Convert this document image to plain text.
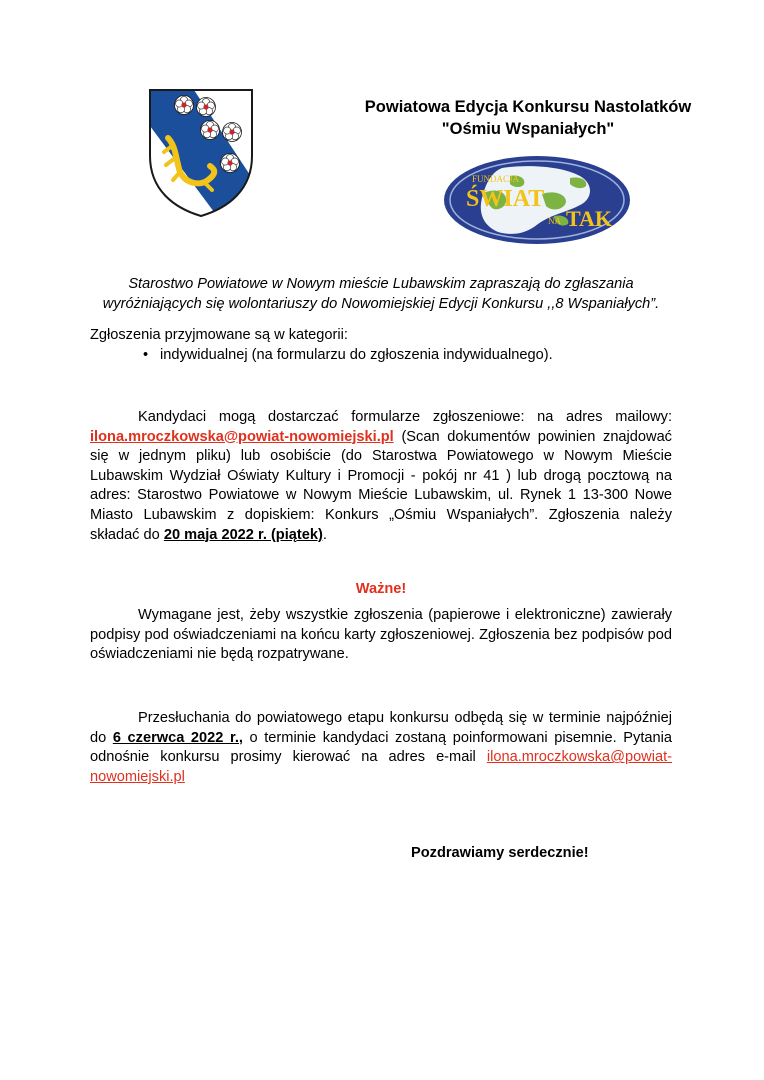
Powiatowa Edycja Konkursu Nastolatków
"Ośmiu Wspaniałych"
FUNDACJA
ŚWIAT
NA TAK
Starostwo Powiatowe w Nowym mieście Lubawskim zapraszają do zgłaszania wyróżniających się wolontariuszy do Nowomiejskiej Edycji Konkursu ,,8 Wspaniałych”.
Zgłoszenia przyjmowane są w kategorii:
• indywidualnej (na formularzu do zgłoszenia indywidualnego).
Kandydaci mogą dostarczać formularze zgłoszeniowe: na adres mailowy: ilona.mroczkowska@powiat-nowomiejski.pl (Scan dokumentów powinien znajdować się w jednym pliku) lub osobiście (do Starostwa Powiatowego w Nowym Mieście Lubawskim Wydział Oświaty Kultury i Promocji - pokój nr 41 ) lub drogą pocztową na adres: Starostwo Powiatowe w Nowym Mieście Lubawskim, ul. Rynek 1 13-300 Nowe Miasto Lubawskim z dopiskiem: Konkurs „Ośmiu Wspaniałych”. Zgłoszenia należy składać do 20 maja 2022 r. (piątek).
Ważne!
Wymagane jest, żeby wszystkie zgłoszenia (papierowe i elektroniczne) zawierały podpisy pod oświadczeniami na końcu karty zgłoszeniowej. Zgłoszenia bez podpisów pod oświadczeniami nie będą rozpatrywane.
Przesłuchania do powiatowego etapu konkursu odbędą się w terminie najpóźniej do 6 czerwca 2022 r., o terminie kandydaci zostaną poinformowani pisemnie. Pytania odnośnie konkursu prosimy kierować na adres e-mail ilona.mroczkowska@powiat-nowomiejski.pl
Pozdrawiamy serdecznie!
